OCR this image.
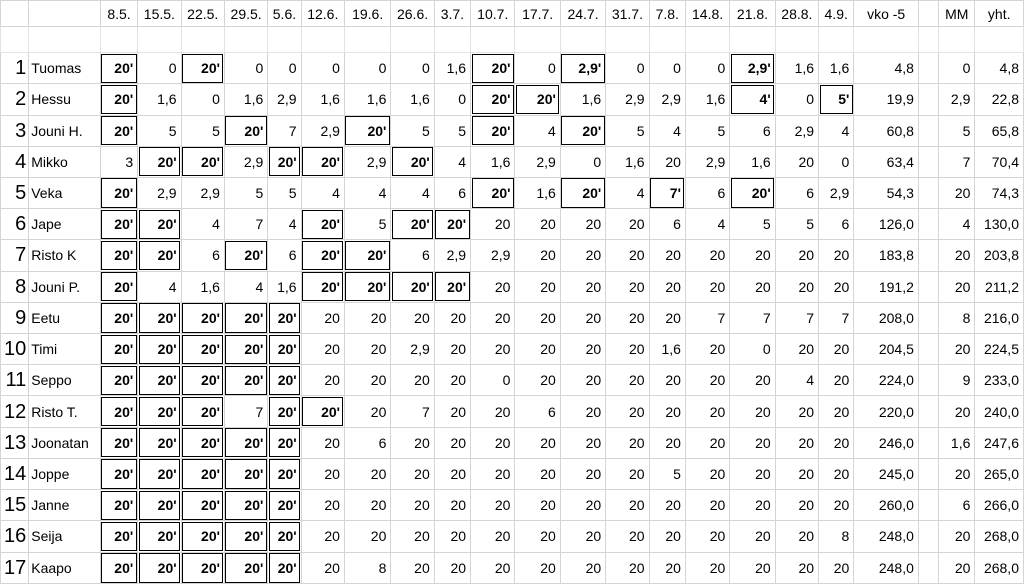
		8.5.	15.5.	22.5.	29.5.	5.6.	12.6.	19.6.	26.6.	3.7.	10.7.	17.7.	24.7.	31.7.	7.8.	14.8.	21.8.	28.8.	4.9.	vko -5		MM	yht.

1	Tuomas	20'	0	20'	0	0	0	0	0	1,6	20'	0	2,9'	0	0	0	2,9'	1,6	1,6	4,8		0	4,8
2	Hessu	20'	1,6	0	1,6	2,9	1,6	1,6	1,6	0	20'	20'	1,6	2,9	2,9	1,6	4'	0	5'	19,9		2,9	22,8
3	Jouni H.	20'	5	5	20'	7	2,9	20'	5	5	20'	4	20'	5	4	5	6	2,9	4	60,8		5	65,8
4	Mikko	3	20'	20'	2,9	20'	20'	2,9	20'	4	1,6	2,9	0	1,6	20	2,9	1,6	20	0	63,4		7	70,4
5	Veka	20'	2,9	2,9	5	5	4	4	4	6	20'	1,6	20'	4	7'	6	20'	6	2,9	54,3		20	74,3
6	Jape	20'	20'	4	7	4	20'	5	20'	20'	20	20	20	20	6	4	5	5	6	126,0		4	130,0
7	Risto K	20'	20'	6	20'	6	20'	20'	6	2,9	2,9	20	20	20	20	20	20	20	20	183,8		20	203,8
8	Jouni P.	20'	4	1,6	4	1,6	20'	20'	20'	20'	20	20	20	20	20	20	20	20	20	191,2		20	211,2
9	Eetu	20'	20'	20'	20'	20'	20	20	20	20	20	20	20	20	20	7	7	7	7	208,0		8	216,0
10	Timi	20'	20'	20'	20'	20'	20	20	2,9	20	20	20	20	20	1,6	20	0	20	20	204,5		20	224,5
11	Seppo	20'	20'	20'	20'	20'	20	20	20	20	0	20	20	20	20	20	20	4	20	224,0		9	233,0
12	Risto T.	20'	20'	20'	7	20'	20'	20	7	20	20	6	20	20	20	20	20	20	20	220,0		20	240,0
13	Joonatan	20'	20'	20'	20'	20'	20	6	20	20	20	20	20	20	20	20	20	20	20	246,0		1,6	247,6
14	Joppe	20'	20'	20'	20'	20'	20	20	20	20	20	20	20	20	5	20	20	20	20	245,0		20	265,0
15	Janne	20'	20'	20'	20'	20'	20	20	20	20	20	20	20	20	20	20	20	20	20	260,0		6	266,0
16	Seija	20'	20'	20'	20'	20'	20	20	20	20	20	20	20	20	20	20	20	20	8	248,0		20	268,0
17	Kaapo	20'	20'	20'	20'	20'	20	8	20	20	20	20	20	20	20	20	20	20	20	248,0		20	268,0
